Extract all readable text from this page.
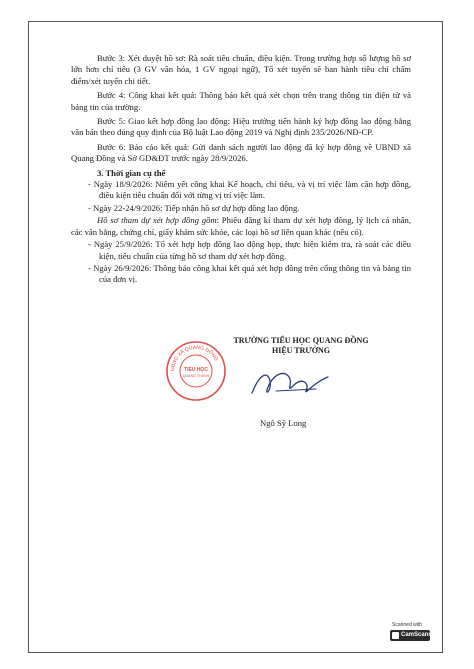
Bước 3: Xét duyệt hồ sơ: Rà soát tiêu chuẩn, điều kiện. Trong trường hợp số lượng hồ sơ lớn hơn chỉ tiêu (3 GV văn hóa, 1 GV ngoại ngữ), Tổ xét tuyển sẽ ban hành tiêu chí chấm điểm/xét tuyển chi tiết.

Bước 4: Công khai kết quả: Thông báo kết quả xét chọn trên trang thông tin điện tử và bảng tin của trường.

Bước 5: Giao kết hợp đồng lao động: Hiệu trưởng tiến hành ký hợp đồng lao động bằng văn bản theo đúng quy định của Bộ luật Lao động 2019 và Nghị định 235/2026/NĐ-CP.

Bước 6: Báo cáo kết quả: Gửi danh sách người lao động đã ký hợp đồng về UBND xã Quang Đồng và Sở GD&ĐT trước ngày 28/9/2026.

3. Thời gian cụ thể

- Ngày 18/9/2026: Niêm yết công khai Kế hoạch, chỉ tiêu, và vị trí việc làm cần hợp đồng, điều kiện tiêu chuẩn đối với từng vị trí việc làm.

- Ngày 22-24/9/2026: Tiếp nhận hồ sơ dự hợp đồng lao động.

Hồ sơ tham dự xét hợp đồng gồm: Phiếu đăng kí tham dự xét hợp đồng, lý lịch cá nhân, các văn bằng, chứng chỉ, giấy khám sức khỏe, các loại hồ sơ liên quan khác (nếu có).

- Ngày 25/9/2026: Tổ xét hợp hợp đồng lao động họp, thực hiện kiểm tra, rà soát các điều kiện, tiêu chuẩn của từng hồ sơ tham dự xét hợp đồng.

- Ngày 26/9/2026: Thông báo công khai kết quả xét hợp đồng trên cổng thông tin và bảng tin của đơn vị.

TRƯỜNG TIỂU HỌC QUANG ĐỒNG
HIỆU TRƯỞNG
UBND XÃ QUANG ĐỒNG
TIỂU HỌC
QUANG THÀNH
Ngô Sỹ Long
Scanned with
CamScanner
